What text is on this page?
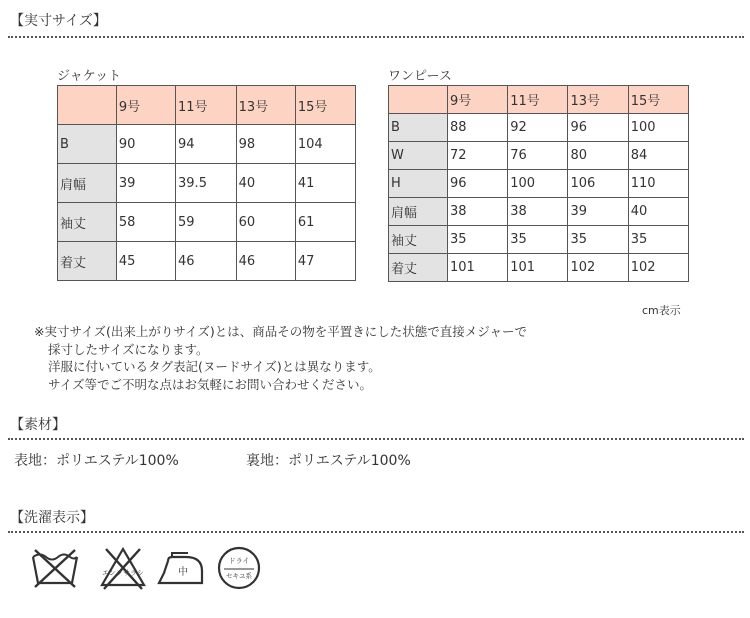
【実寸サイズ】
ジャケット
	9号	11号	13号	15号
B	90	94	98	104
肩幅	39	39.5	40	41
袖丈	58	59	60	61
着丈	45	46	46	47
ワンピース
	9号	11号	13号	15号
B	88	92	96	100
W	72	76	80	84
H	96	100	106	110
肩幅	38	38	39	40
袖丈	35	35	35	35
着丈	101	101	102	102
cm表示
※実寸サイズ(出来上がりサイズ)とは、商品その物を平置きにした状態で直接メジャーで
採寸したサイズになります。
洋服に付いているタグ表記(ヌードサイズ)とは異なります。
サイズ等でご不明な点はお気軽にお問い合わせください。
【素材】
表地：ポリエステル100%	裏地：ポリエステル100%
【洗濯表示】
エンソサラシ	中
ドライ
セキユ系
